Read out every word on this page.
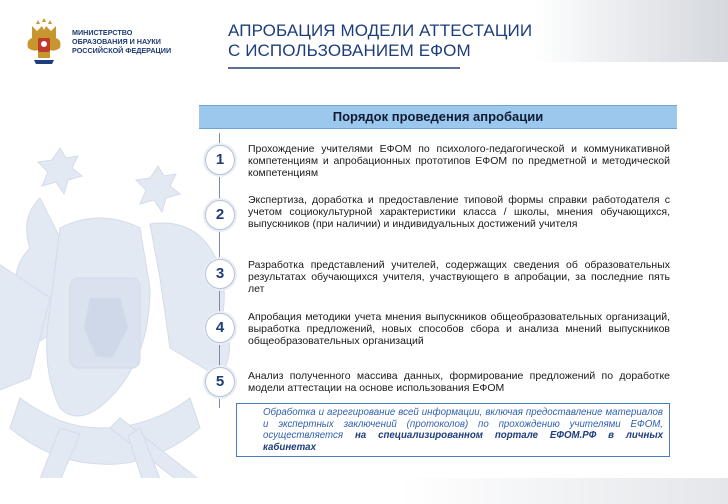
МИНИСТЕРСТВО
ОБРАЗОВАНИЯ И НАУКИ
РОССИЙСКОЙ ФЕДЕРАЦИИ
АПРОБАЦИЯ МОДЕЛИ АТТЕСТАЦИИ
С ИСПОЛЬЗОВАНИЕМ ЕФОМ
Порядок проведения апробации
1
Прохождение учителями ЕФОМ по психолого-педагогической и коммуникативной компетенциям и апробационных прототипов ЕФОМ по предметной и методической компетенциям
2
Экспертиза, доработка и предоставление типовой формы справки работодателя с учетом социокультурной характеристики класса / школы, мнения обучающихся, выпускников (при наличии) и индивидуальных достижений учителя
3	Разработка представлений учителей, содержащих сведения об образовательных результатах обучающихся учителя, участвующего в апробации, за последние пять лет
4
Апробация методики учета мнения выпускников общеобразовательных организаций, выработка предложений, новых способов сбора и анализа мнений выпускников общеобразовательных организаций
5	Анализ полученного массива данных, формирование предложений по доработке модели аттестации на основе использования ЕФОМ
Обработка и агрегирование всей информации, включая предоставление материалов и экспертных заключений (протоколов) по прохождению учителями ЕФОМ, осуществляется на специализированном портале ЕФОМ.РФ в личных кабинетах
